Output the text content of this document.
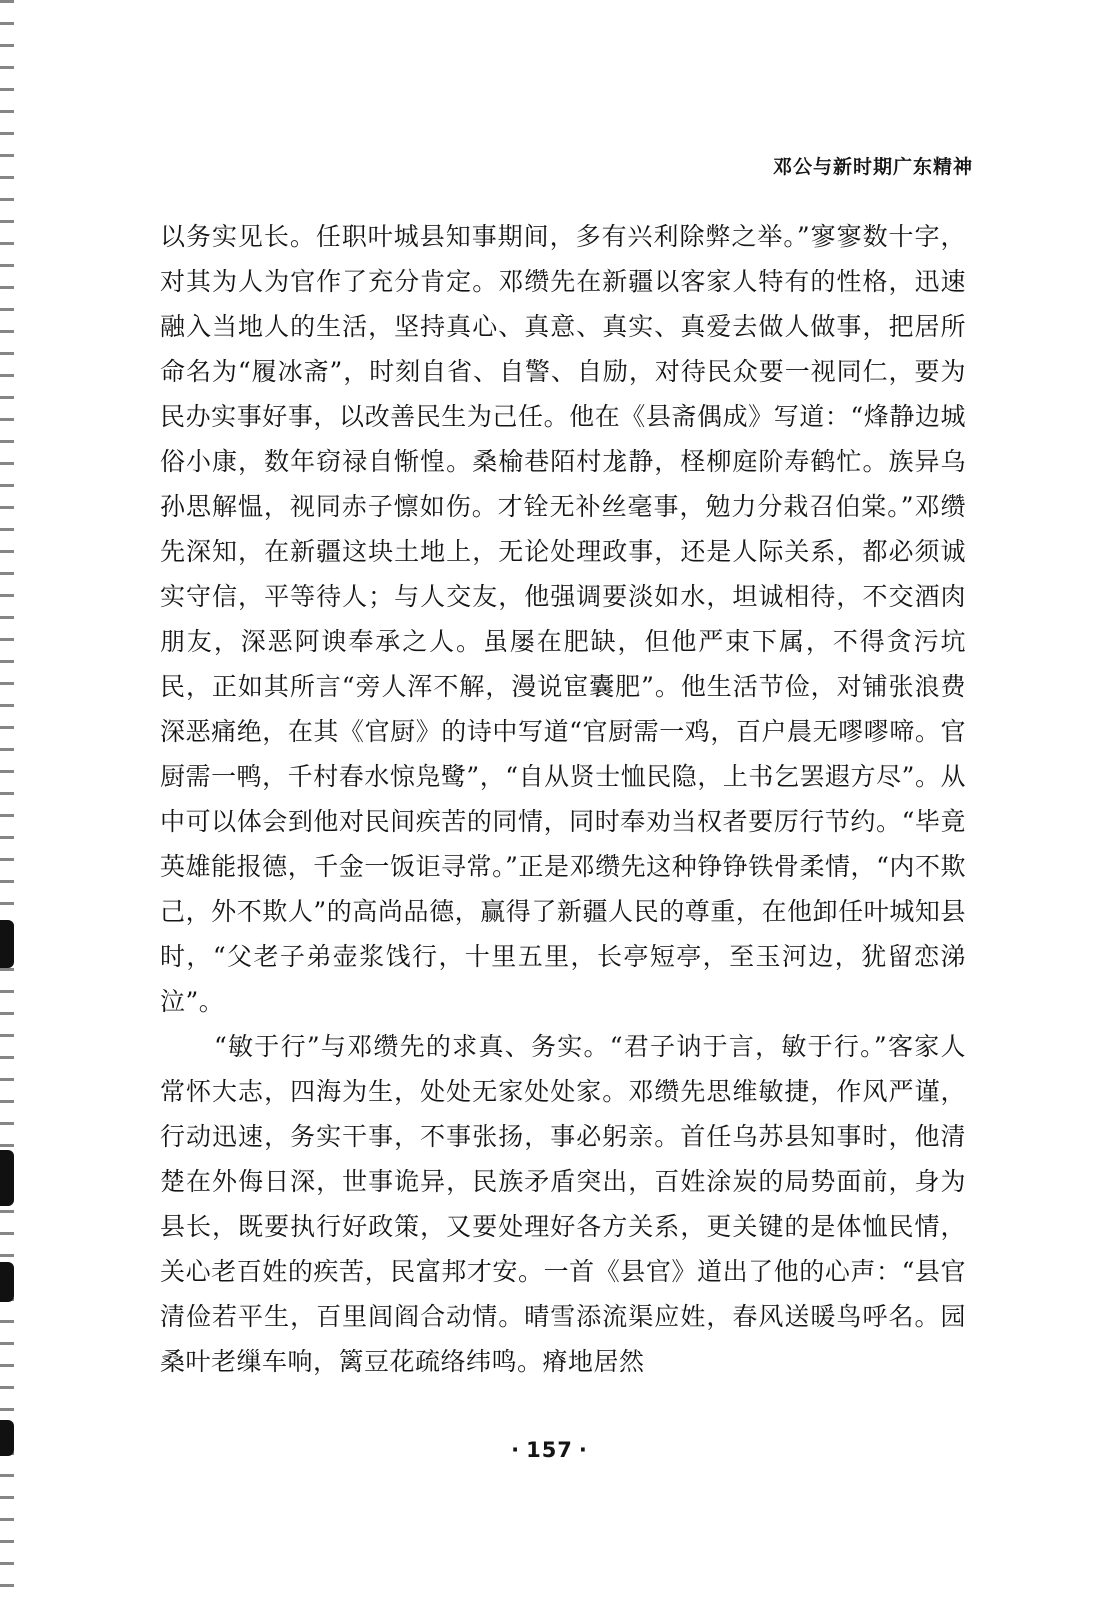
邓公与新时期广东精神

以务实见长。任职叶城县知事期间，多有兴利除弊之举。”寥寥数十字，对其为人为官作了充分肯定。邓缵先在新疆以客家人特有的性格，迅速融入当地人的生活，坚持真心、真意、真实、真爱去做人做事，把居所命名为“履冰斋”，时刻自省、自警、自励，对待民众要一视同仁，要为民办实事好事，以改善民生为己任。他在《县斋偶成》写道：“烽静边城俗小康，数年窃禄自惭惶。桑榆巷陌村尨静，柽柳庭阶寿鹤忙。族异乌孙思解愠，视同赤子懔如伤。才铨无补丝毫事，勉力分栽召伯棠。”邓缵先深知，在新疆这块土地上，无论处理政事，还是人际关系，都必须诚实守信，平等待人；与人交友，他强调要淡如水，坦诚相待，不交酒肉朋友，深恶阿谀奉承之人。虽屡在肥缺，但他严束下属，不得贪污坑民，正如其所言“旁人浑不解，漫说宦囊肥”。他生活节俭，对铺张浪费深恶痛绝，在其《官厨》的诗中写道“官厨需一鸡，百户晨无嘐嘐啼。官厨需一鸭，千村春水惊凫鹭”，“自从贤士恤民隐，上书乞罢遐方尽”。从中可以体会到他对民间疾苦的同情，同时奉劝当权者要厉行节约。“毕竟英雄能报德，千金一饭讵寻常。”正是邓缵先这种铮铮铁骨柔情，“内不欺己，外不欺人”的高尚品德，赢得了新疆人民的尊重，在他卸任叶城知县时，“父老子弟壶浆饯行，十里五里，长亭短亭，至玉河边，犹留恋涕泣”。

“敏于行”与邓缵先的求真、务实。“君子讷于言，敏于行。”客家人常怀大志，四海为生，处处无家处处家。邓缵先思维敏捷，作风严谨，行动迅速，务实干事，不事张扬，事必躬亲。首任乌苏县知事时，他清楚在外侮日深，世事诡异，民族矛盾突出，百姓涂炭的局势面前，身为县长，既要执行好政策，又要处理好各方关系，更关键的是体恤民情，关心老百姓的疾苦，民富邦才安。一首《县官》道出了他的心声：“县官清俭若平生，百里闾阎合动情。晴雪添流渠应姓，春风送暖鸟呼名。园桑叶老缫车响，篱豆花疏络纬鸣。瘠地居然

· 157 ·
